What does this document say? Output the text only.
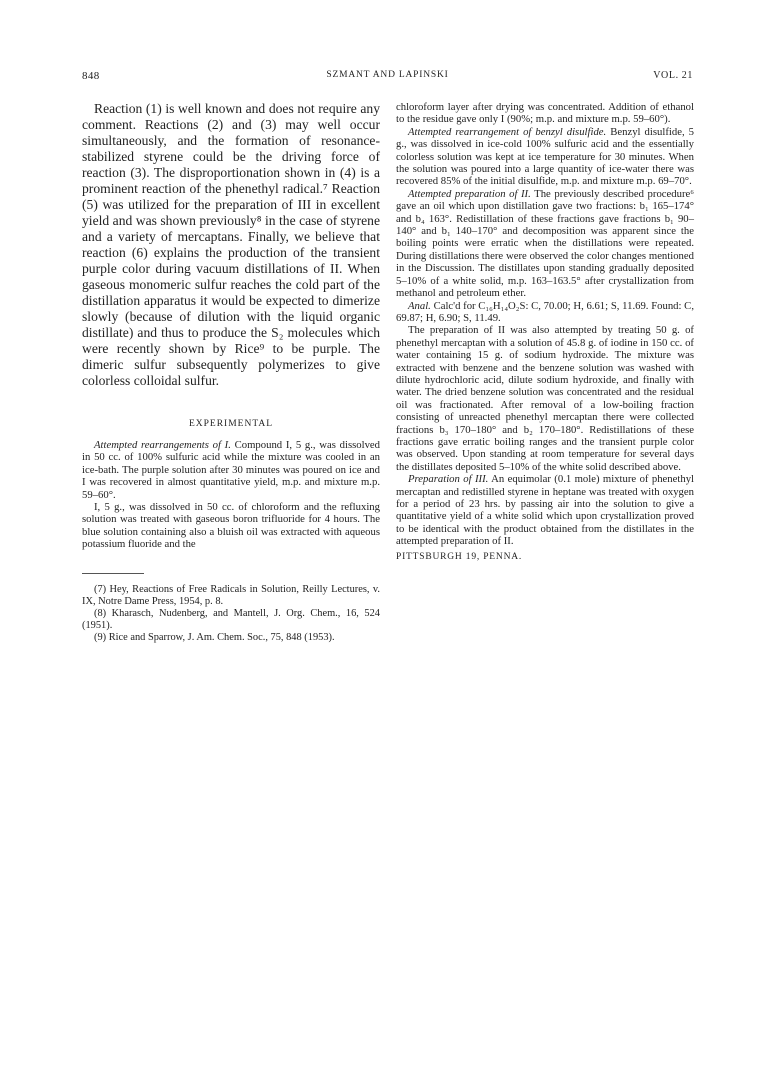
848	SZMANT AND LAPINSKI	VOL. 21

Reaction (1) is well known and does not require any comment. Reactions (2) and (3) may well occur simultaneously, and the formation of resonance-stabilized styrene could be the driving force of reaction (3). The disproportionation shown in (4) is a prominent reaction of the phenethyl radical.⁷ Reaction (5) was utilized for the preparation of III in excellent yield and was shown previously⁸ in the case of styrene and a variety of mercaptans. Finally, we believe that reaction (6) explains the production of the transient purple color during vacuum distillations of II. When gaseous monomeric sulfur reaches the cold part of the distillation apparatus it would be expected to dimerize slowly (because of dilution with the liquid organic distillate) and thus to produce the S₂ molecules which were recently shown by Rice⁹ to be purple. The dimeric sulfur subsequently polymerizes to give colorless colloidal sulfur.

EXPERIMENTAL

Attempted rearrangements of I. Compound I, 5 g., was dissolved in 50 cc. of 100% sulfuric acid while the mixture was cooled in an ice-bath. The purple solution after 30 minutes was poured on ice and I was recovered in almost quantitative yield, m.p. and mixture m.p. 59–60°.

I, 5 g., was dissolved in 50 cc. of chloroform and the refluxing solution was treated with gaseous boron trifluoride for 4 hours. The blue solution containing also a bluish oil was extracted with aqueous potassium fluoride and the

(7) Hey, Reactions of Free Radicals in Solution, Reilly Lectures, v. IX, Notre Dame Press, 1954, p. 8.

(8) Kharasch, Nudenberg, and Mantell, J. Org. Chem., 16, 524 (1951).

(9) Rice and Sparrow, J. Am. Chem. Soc., 75, 848 (1953).

chloroform layer after drying was concentrated. Addition of ethanol to the residue gave only I (90%; m.p. and mixture m.p. 59–60°).

Attempted rearrangement of benzyl disulfide. Benzyl disulfide, 5 g., was dissolved in ice-cold 100% sulfuric acid and the essentially colorless solution was kept at ice temperature for 30 minutes. When the solution was poured into a large quantity of ice-water there was recovered 85% of the initial disulfide, m.p. and mixture m.p. 69–70°.

Attempted preparation of II. The previously described procedure⁶ gave an oil which upon distillation gave two fractions: b₁ 165–174° and b₄ 163°. Redistillation of these fractions gave fractions b₁ 90–140° and b₁ 140–170° and decomposition was apparent since the boiling points were erratic when the distillations were repeated. During distillations there were observed the color changes mentioned in the Discussion. The distillates upon standing gradually deposited 5–10% of a white solid, m.p. 163–163.5° after crystallization from methanol and petroleum ether.

Anal. Calc'd for C₁₆H₁₄O₂S: C, 70.00; H, 6.61; S, 11.69. Found: C, 69.87; H, 6.90; S, 11.49.

The preparation of II was also attempted by treating 50 g. of phenethyl mercaptan with a solution of 45.8 g. of iodine in 150 cc. of water containing 15 g. of sodium hydroxide. The mixture was extracted with benzene and the benzene solution was washed with dilute hydrochloric acid, dilute sodium hydroxide, and finally with water. The dried benzene solution was concentrated and the residual oil was fractionated. After removal of a low-boiling fraction consisting of unreacted phenethyl mercaptan there were collected fractions b₃ 170–180° and b₂ 170–180°. Redistillations of these fractions gave erratic boiling ranges and the transient purple color was observed. Upon standing at room temperature for several days the distillates deposited 5–10% of the white solid described above.

Preparation of III. An equimolar (0.1 mole) mixture of phenethyl mercaptan and redistilled styrene in heptane was treated with oxygen for a period of 23 hrs. by passing air into the solution to give a quantitative yield of a white solid which upon crystallization proved to be identical with the product obtained from the distillates in the attempted preparation of II.

PITTSBURGH 19, PENNA.
